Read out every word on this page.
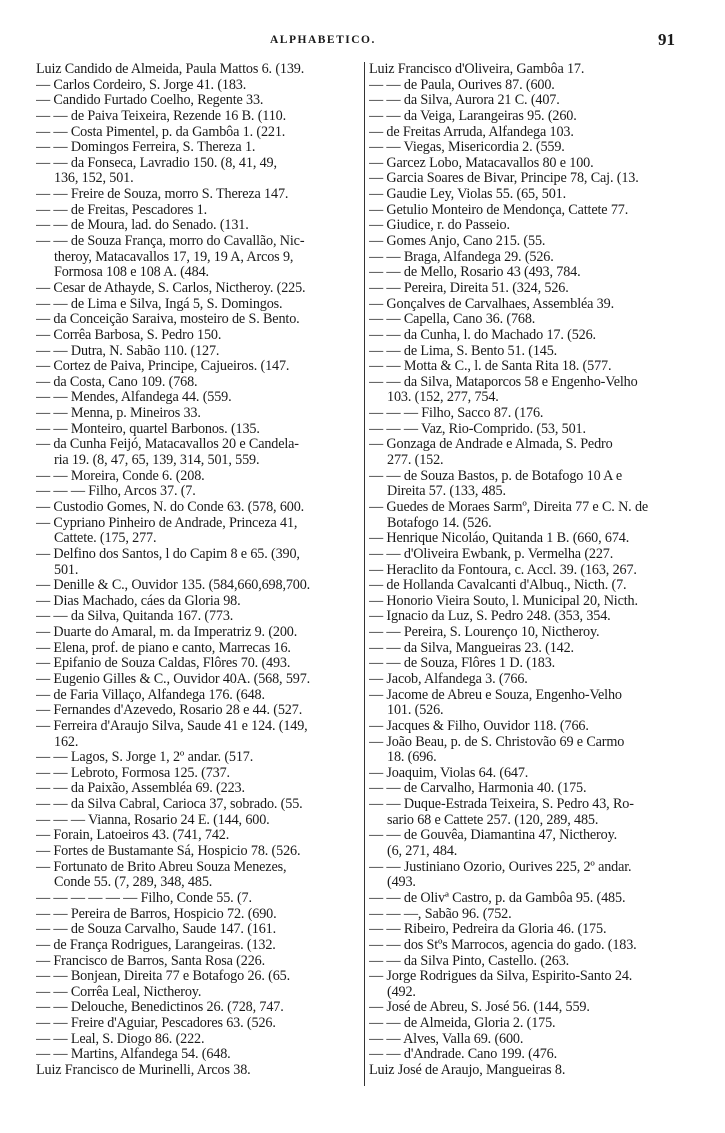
ALPHABETICO.	91
Luiz Candido de Almeida, Paula Mattos 6. (139.
— Carlos Cordeiro, S. Jorge 41. (183.
— Candido Furtado Coelho, Regente 33.
— — de Paiva Teixeira, Rezende 16 B. (110.
— — Costa Pimentel, p. da Gambôa 1. (221.
— — Domingos Ferreira, S. Thereza 1.
— — da Fonseca, Lavradio 150. (8, 41, 49,
136, 152, 501.
— — Freire de Souza, morro S. Thereza 147.
— — de Freitas, Pescadores 1.
— — de Moura, lad. do Senado. (131.
— — de Souza França, morro do Cavallão, Nic-
theroy, Matacavallos 17, 19, 19 A, Arcos 9,
Formosa 108 e 108 A. (484.
— Cesar de Athayde, S. Carlos, Nictheroy. (225.
— — de Lima e Silva, Ingá 5, S. Domingos.
— da Conceição Saraiva, mosteiro de S. Bento.
— Corrêa Barbosa, S. Pedro 150.
— — Dutra, N. Sabão 110. (127.
— Cortez de Paiva, Principe, Cajueiros. (147.
— da Costa, Cano 109. (768.
— — Mendes, Alfandega 44. (559.
— — Menna, p. Mineiros 33.
— — Monteiro, quartel Barbonos. (135.
— da Cunha Feijó, Matacavallos 20 e Candela-
ria 19. (8, 47, 65, 139, 314, 501, 559.
— — Moreira, Conde 6. (208.
— — — Filho, Arcos 37. (7.
— Custodio Gomes, N. do Conde 63. (578, 600.
— Cypriano Pinheiro de Andrade, Princeza 41,
Cattete. (175, 277.
— Delfino dos Santos, l do Capim 8 e 65. (390,
501.
— Denille & C., Ouvidor 135. (584,660,698,700.
— Dias Machado, cáes da Gloria 98.
— — da Silva, Quitanda 167. (773.
— Duarte do Amaral, m. da Imperatriz 9. (200.
— Elena, prof. de piano e canto, Marrecas 16.
— Epifanio de Souza Caldas, Flôres 70. (493.
— Eugenio Gilles & C., Ouvidor 40A. (568, 597.
— de Faria Villaço, Alfandega 176. (648.
— Fernandes d'Azevedo, Rosario 28 e 44. (527.
— Ferreira d'Araujo Silva, Saude 41 e 124. (149,
162.
— — Lagos, S. Jorge 1, 2º andar. (517.
— — Lebroto, Formosa 125. (737.
— — da Paixão, Assembléa 69. (223.
— — da Silva Cabral, Carioca 37, sobrado. (55.
— — — Vianna, Rosario 24 E. (144, 600.
— Forain, Latoeiros 43. (741, 742.
— Fortes de Bustamante Sá, Hospicio 78. (526.
— Fortunato de Brito Abreu Souza Menezes,
Conde 55. (7, 289, 348, 485.
— — — — — — Filho, Conde 55. (7.
— — Pereira de Barros, Hospicio 72. (690.
— — de Souza Carvalho, Saude 147. (161.
— de França Rodrigues, Larangeiras. (132.
— Francisco de Barros, Santa Rosa (226.
— — Bonjean, Direita 77 e Botafogo 26. (65.
— — Corrêa Leal, Nictheroy.
— — Delouche, Benedictinos 26. (728, 747.
— — Freire d'Aguiar, Pescadores 63. (526.
— — Leal, S. Diogo 86. (222.
— — Martins, Alfandega 54. (648.
Luiz Francisco de Murinelli, Arcos 38.
Luiz Francisco d'Oliveira, Gambôa 17.
— — de Paula, Ourives 87. (600.
— — da Silva, Aurora 21 C. (407.
— — da Veiga, Larangeiras 95. (260.
— de Freitas Arruda, Alfandega 103.
— — Viegas, Misericordia 2. (559.
— Garcez Lobo, Matacavallos 80 e 100.
— Garcia Soares de Bivar, Principe 78, Caj. (13.
— Gaudie Ley, Violas 55. (65, 501.
— Getulio Monteiro de Mendonça, Cattete 77.
— Giudice, r. do Passeio.
— Gomes Anjo, Cano 215. (55.
— — Braga, Alfandega 29. (526.
— — de Mello, Rosario 43 (493, 784.
— — Pereira, Direita 51. (324, 526.
— Gonçalves de Carvalhaes, Assembléa 39.
— — Capella, Cano 36. (768.
— — da Cunha, l. do Machado 17. (526.
— — de Lima, S. Bento 51. (145.
— — Motta & C., l. de Santa Rita 18. (577.
— — da Silva, Mataporcos 58 e Engenho-Velho
103. (152, 277, 754.
— — — Filho, Sacco 87. (176.
— — — Vaz, Rio-Comprido. (53, 501.
— Gonzaga de Andrade e Almada, S. Pedro
277. (152.
— — de Souza Bastos, p. de Botafogo 10 A e
Direita 57. (133, 485.
— Guedes de Moraes Sarmº, Direita 77 e C. N. de
Botafogo 14. (526.
— Henrique Nicoláo, Quitanda 1 B. (660, 674.
— — d'Oliveira Ewbank, p. Vermelha (227.
— Heraclito da Fontoura, c. Accl. 39. (163, 267.
— de Hollanda Cavalcanti d'Albuq., Nicth. (7.
— Honorio Vieira Souto, l. Municipal 20, Nicth.
— Ignacio da Luz, S. Pedro 248. (353, 354.
— — Pereira, S. Lourenço 10, Nictheroy.
— — da Silva, Mangueiras 23. (142.
— — de Souza, Flôres 1 D. (183.
— Jacob, Alfandega 3. (766.
— Jacome de Abreu e Souza, Engenho-Velho
101. (526.
— Jacques & Filho, Ouvidor 118. (766.
— João Beau, p. de S. Christovão 69 e Carmo
18. (696.
— Joaquim, Violas 64. (647.
— — de Carvalho, Harmonia 40. (175.
— — Duque-Estrada Teixeira, S. Pedro 43, Ro-
sario 68 e Cattete 257. (120, 289, 485.
— — de Gouvêa, Diamantina 47, Nictheroy.
(6, 271, 484.
— — Justiniano Ozorio, Ourives 225, 2º andar.
(493.
— — de Olivª Castro, p. da Gambôa 95. (485.
— — —, Sabão 96. (752.
— — Ribeiro, Pedreira da Gloria 46. (175.
— — dos Stºs Marrocos, agencia do gado. (183.
— — da Silva Pinto, Castello. (263.
— Jorge Rodrigues da Silva, Espirito-Santo 24.
(492.
— José de Abreu, S. José 56. (144, 559.
— — de Almeida, Gloria 2. (175.
— — Alves, Valla 69. (600.
— — d'Andrade. Cano 199. (476.
Luiz José de Araujo, Mangueiras 8.
